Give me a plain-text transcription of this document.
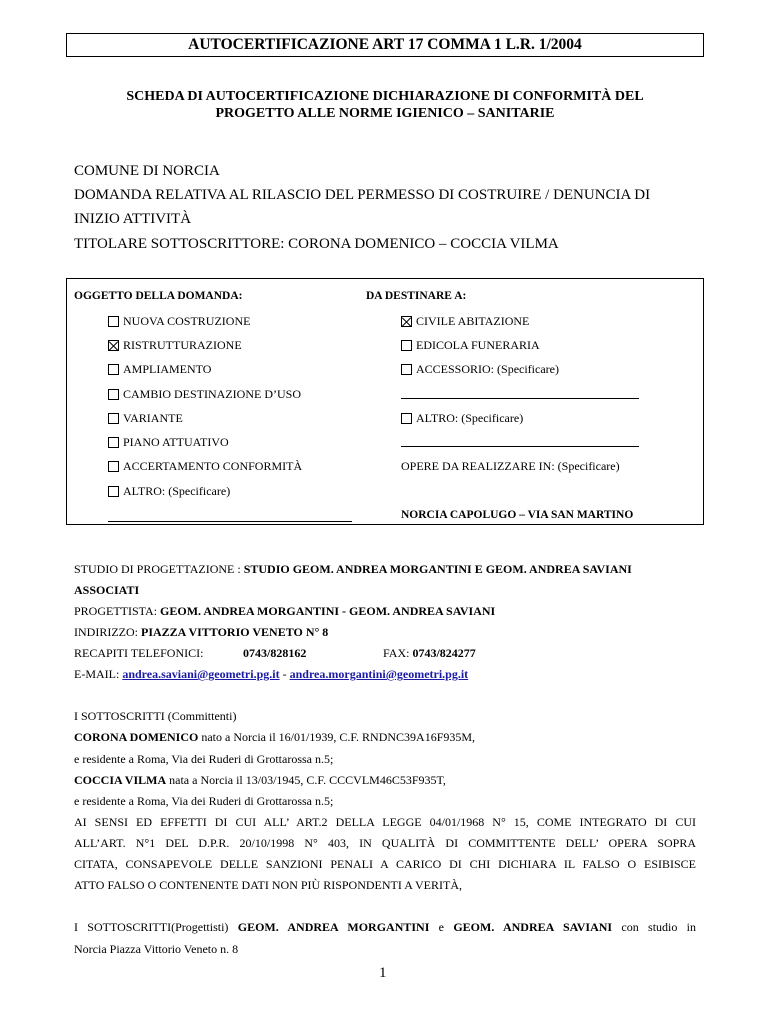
AUTOCERTIFICAZIONE ART 17 COMMA 1 L.R. 1/2004
SCHEDA DI AUTOCERTIFICAZIONE DICHIARAZIONE DI CONFORMITÀ DEL
PROGETTO ALLE NORME IGIENICO – SANITARIE
COMUNE DI NORCIA
DOMANDA RELATIVA AL RILASCIO DEL PERMESSO DI COSTRUIRE / DENUNCIA DI
INIZIO ATTIVITÀ
TITOLARE SOTTOSCRITTORE: CORONA DOMENICO – COCCIA VILMA
OGGETTO DELLA DOMANDA:	DA DESTINARE A:
NUOVA COSTRUZIONE
RISTRUTTURAZIONE
AMPLIAMENTO
CAMBIO DESTINAZIONE D’USO
VARIANTE
PIANO ATTUATIVO
ACCERTAMENTO CONFORMITÀ
ALTRO: (Specificare)
CIVILE ABITAZIONE
EDICOLA FUNERARIA
ACCESSORIO: (Specificare)
ALTRO: (Specificare)
OPERE DA REALIZZARE IN: (Specificare)
NORCIA CAPOLUGO – VIA SAN MARTINO
STUDIO DI PROGETTAZIONE : STUDIO GEOM. ANDREA MORGANTINI E GEOM. ANDREA SAVIANI
ASSOCIATI
PROGETTISTA: GEOM. ANDREA MORGANTINI - GEOM. ANDREA SAVIANI
INDIRIZZO: PIAZZA VITTORIO VENETO N° 8
RECAPITI TELEFONICI:	0743/828162	FAX: 0743/824277
E-MAIL: andrea.saviani@geometri.pg.it - andrea.morgantini@geometri.pg.it
I SOTTOSCRITTI (Committenti)
CORONA DOMENICO nato a Norcia il 16/01/1939, C.F. RNDNC39A16F935M,
e residente a Roma, Via dei Ruderi di Grottarossa n.5;
COCCIA VILMA nata a Norcia il 13/03/1945, C.F. CCCVLM46C53F935T,
e residente a Roma, Via dei Ruderi di Grottarossa n.5;
AI SENSI ED EFFETTI DI CUI ALL’ ART.2 DELLA LEGGE 04/01/1968 N° 15, COME INTEGRATO DI CUI
ALL’ART. N°1 DEL D.P.R. 20/10/1998 N° 403, IN QUALITÀ DI COMMITTENTE DELL’ OPERA SOPRA
CITATA, CONSAPEVOLE DELLE SANZIONI PENALI A CARICO DI CHI DICHIARA IL FALSO O ESIBISCE
ATTO FALSO O CONTENENTE DATI NON PIÙ RISPONDENTI A VERITÀ,
I SOTTOSCRITTI(Progettisti) GEOM. ANDREA MORGANTINI e GEOM. ANDREA SAVIANI con studio in
Norcia Piazza Vittorio Veneto n. 8
1
